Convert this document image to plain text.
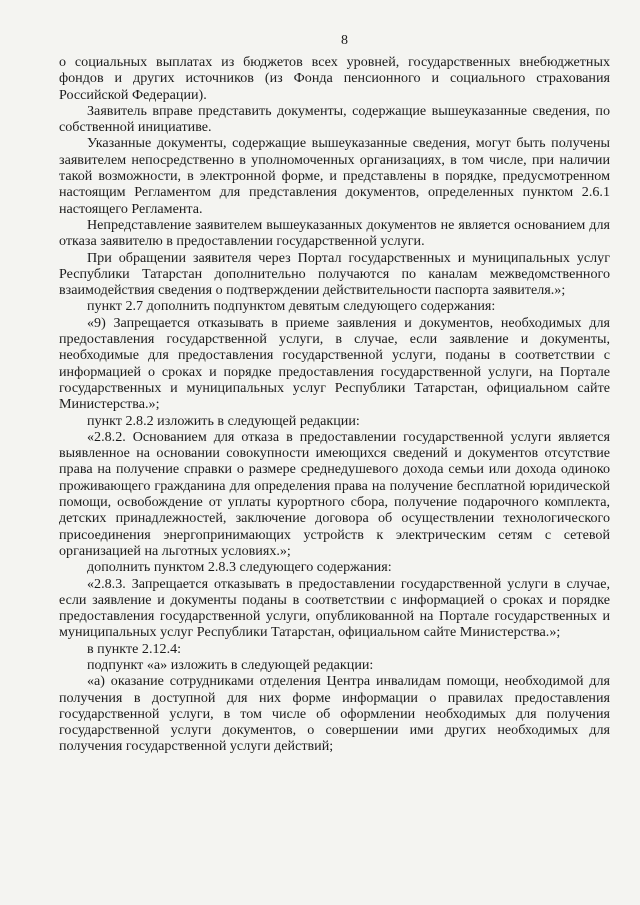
8

о социальных выплатах из бюджетов всех уровней, государственных внебюджетных фондов и других источников (из Фонда пенсионного и социального страхования Российской Федерации).

Заявитель вправе представить документы, содержащие вышеуказанные сведения, по собственной инициативе.

Указанные документы, содержащие вышеуказанные сведения, могут быть получены заявителем непосредственно в уполномоченных организациях, в том числе, при наличии такой возможности, в электронной форме, и представлены в порядке, предусмотренном настоящим Регламентом для представления документов, определенных пунктом 2.6.1 настоящего Регламента.

Непредставление заявителем вышеуказанных документов не является основанием для отказа заявителю в предоставлении государственной услуги.

При обращении заявителя через Портал государственных и муниципальных услуг Республики Татарстан дополнительно получаются по каналам межведомственного взаимодействия сведения о подтверждении действительности паспорта заявителя.»;

пункт 2.7 дополнить подпунктом девятым следующего содержания:

«9) Запрещается отказывать в приеме заявления и документов, необходимых для предоставления государственной услуги, в случае, если заявление и документы, необходимые для предоставления государственной услуги, поданы в соответствии с информацией о сроках и порядке предоставления государственной услуги, на Портале государственных и муниципальных услуг Республики Татарстан, официальном сайте Министерства.»;

пункт 2.8.2 изложить в следующей редакции:

«2.8.2. Основанием для отказа в предоставлении государственной услуги является выявленное на основании совокупности имеющихся сведений и документов отсутствие права на получение справки о размере среднедушевого дохода семьи или дохода одиноко проживающего гражданина для определения права на получение бесплатной юридической помощи, освобождение от уплаты курортного сбора, получение подарочного комплекта, детских принадлежностей, заключение договора об осуществлении технологического присоединения энергопринимающих устройств к электрическим сетям с сетевой организацией на льготных условиях.»;

дополнить пунктом 2.8.3 следующего содержания:

«2.8.3. Запрещается отказывать в предоставлении государственной услуги в случае, если заявление и документы поданы в соответствии с информацией о сроках и порядке предоставления государственной услуги, опубликованной на Портале государственных и муниципальных услуг Республики Татарстан, официальном сайте Министерства.»;

в пункте 2.12.4:

подпункт «а» изложить в следующей редакции:

«а) оказание сотрудниками отделения Центра инвалидам помощи, необходимой для получения в доступной для них форме информации о правилах предоставления государственной услуги, в том числе об оформлении необходимых для получения государственной услуги документов, о совершении ими других необходимых для получения государственной услуги действий;
